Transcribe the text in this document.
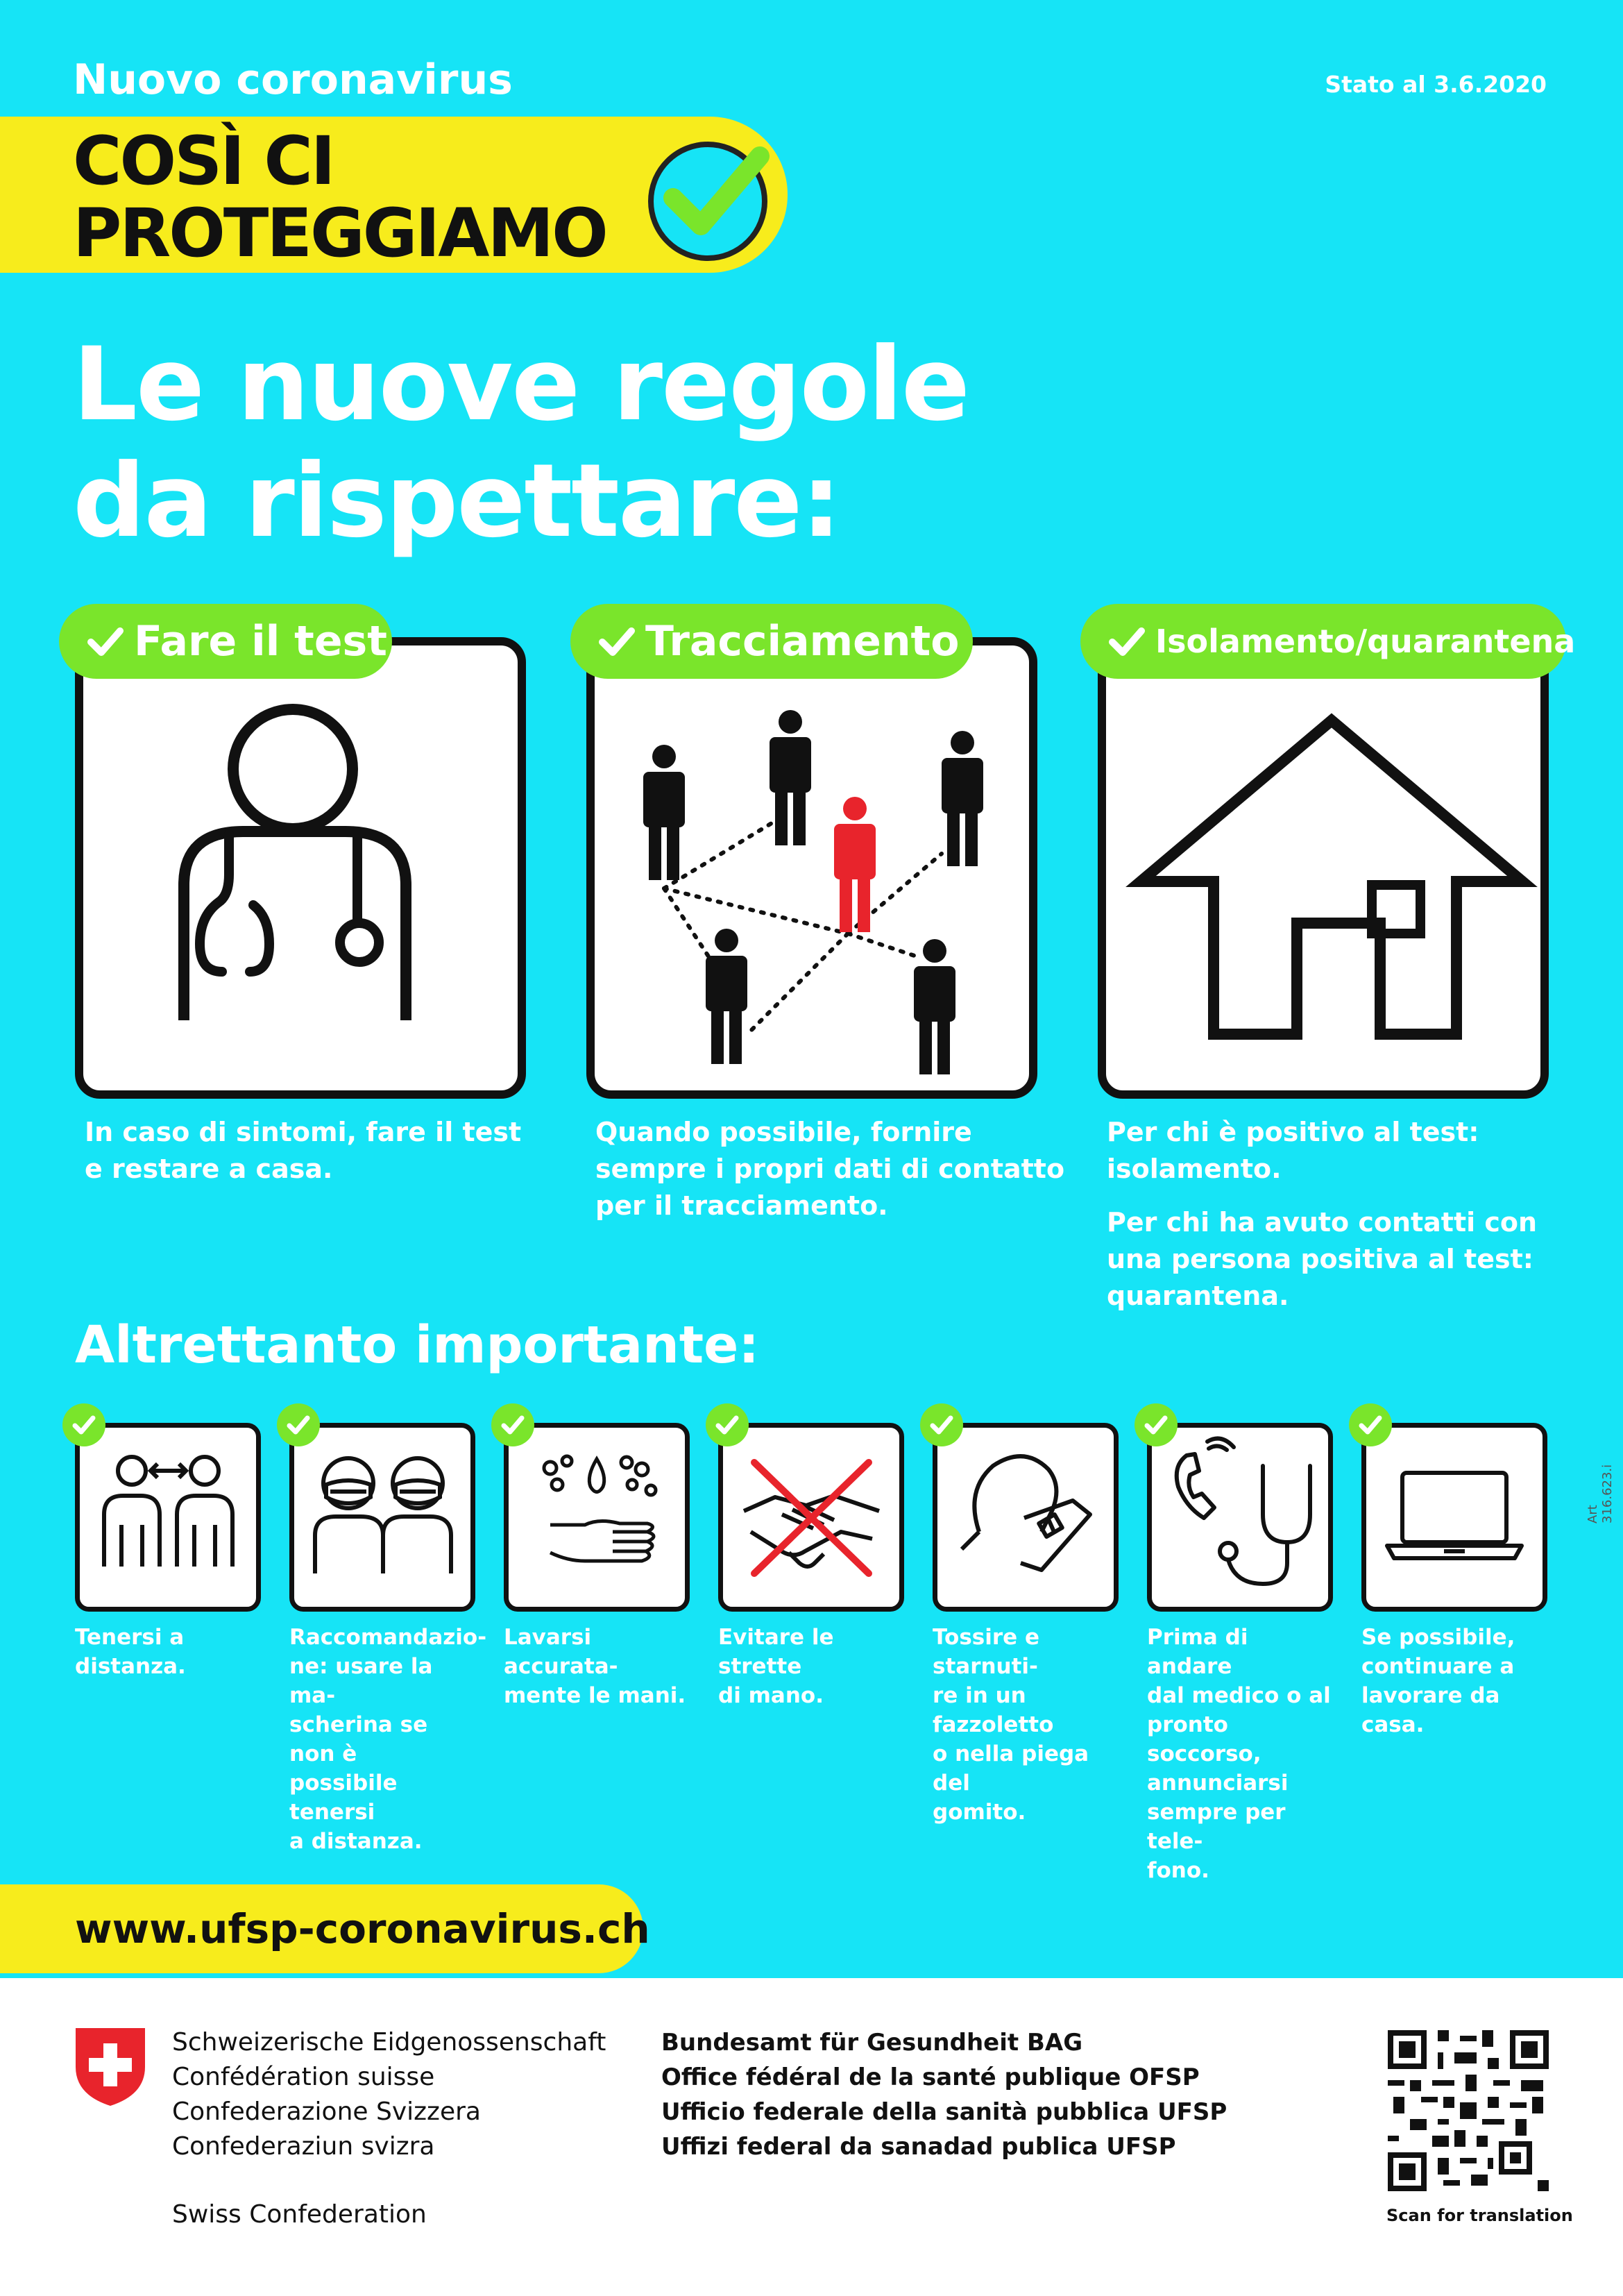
Nuovo coronavirus	Stato al 3.6.2020
COSÌ CI
PROTEGGIAMO
Le nuove regole
da rispettare:
Fare il test
In caso di sintomi, fare il test
e restare a casa.
Tracciamento
Quando possibile, fornire
sempre i propri dati di contatto
per il tracciamento.
Isolamento/quarantena
Per chi è positivo al test:
isolamento.
Per chi ha avuto contatti con
una persona positiva al test:
quarantena.
Altrettanto importante:
Tenersi a
distanza.
Raccomandazio-
ne: usare la ma-
scherina se non è
possibile tenersi
a distanza.
Lavarsi accurata-
mente le mani.
Evitare le strette
di mano.
Tossire e starnuti-
re in un fazzoletto
o nella piega del
gomito.
Prima di andare
dal medico o al
pronto soccorso,
annunciarsi
sempre per tele-
fono.
Se possibile,
continuare a
lavorare da
casa.
Art 316.623.i
www.ufsp-coronavirus.ch
Schweizerische Eidgenossenschaft
Confédération suisse
Confederazione Svizzera
Confederaziun svizra
Swiss Confederation
Bundesamt für Gesundheit BAG
Office fédéral de la santé publique OFSP
Ufficio federale della sanità pubblica UFSP
Uffizi federal da sanadad publica UFSP
Scan for translation
